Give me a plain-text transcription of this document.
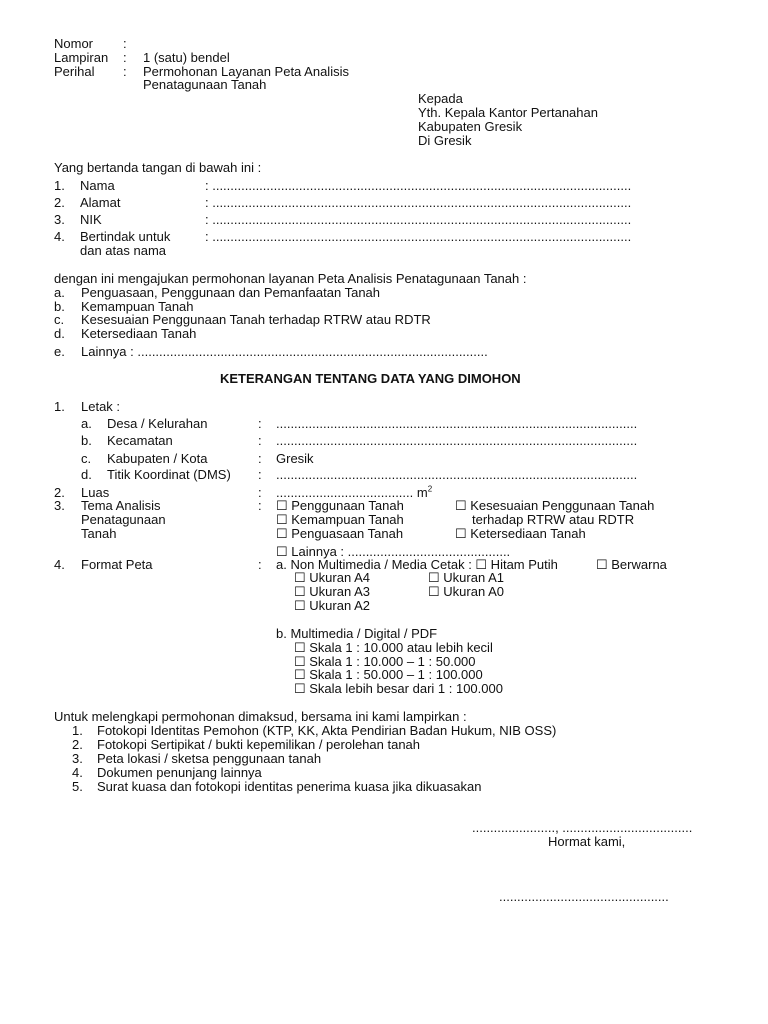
Nomor :
Lampiran : 1 (satu) bendel
Perihal : Permohonan Layanan Peta Analisis
Penatagunaan Tanah
Kepada
Yth. Kepala Kantor Pertanahan
Kabupaten Gresik
Di Gresik
Yang bertanda tangan di bawah ini :
1. Nama	: ....................................................................................................................
2. Alamat	: ....................................................................................................................
3. NIK	: ....................................................................................................................
4. Bertindak untuk
dan atas nama
: ....................................................................................................................
dengan ini mengajukan permohonan layanan Peta Analisis Penatagunaan Tanah :
a. Penguasaan, Penggunaan dan Pemanfaatan Tanah
b. Kemampuan Tanah
c. Kesesuaian Penggunaan Tanah terhadap RTRW atau RDTR
d. Ketersediaan Tanah
e. Lainnya : .................................................................................................
KETERANGAN TENTANG DATA YANG DIMOHON
1. Letak :
a. Desa / Kelurahan	: ....................................................................................................
b. Kecamatan	: ....................................................................................................
c. Kabupaten / Kota	: Gresik
d. Titik Koordinat (DMS) : ....................................................................................................
2. Luas	: ...................................... $m^2$
3. Tema Analisis
Penatagunaan
Tanah
: ☐ Penggunaan Tanah
☐ Kemampuan Tanah
☐ Penguasaan Tanah
☐ Kesesuaian Penggunaan Tanah
terhadap RTRW atau RDTR
☐ Ketersediaan Tanah
☐ Lainnya : .............................................
4. Format Peta	: a. Non Multimedia / Media Cetak : ☐ Hitam Putih	☐ Berwarna
☐ Ukuran A4
☐ Ukuran A3
☐ Ukuran A2
☐ Ukuran A1
☐ Ukuran A0
b. Multimedia / Digital / PDF
☐ Skala 1 : 10.000 atau lebih kecil
☐ Skala 1 : 10.000 – 1 : 50.000
☐ Skala 1 : 50.000 – 1 : 100.000
☐ Skala lebih besar dari 1 : 100.000
Untuk melengkapi permohonan dimaksud, bersama ini kami lampirkan :
1. Fotokopi Identitas Pemohon (KTP, KK, Akta Pendirian Badan Hukum, NIB OSS)
2. Fotokopi Sertipikat / bukti kepemilikan / perolehan tanah
3. Peta lokasi / sketsa penggunaan tanah
4. Dokumen penunjang lainnya
5. Surat kuasa dan fotokopi identitas penerima kuasa jika dikuasakan
......................., ....................................
Hormat kami,
...............................................
